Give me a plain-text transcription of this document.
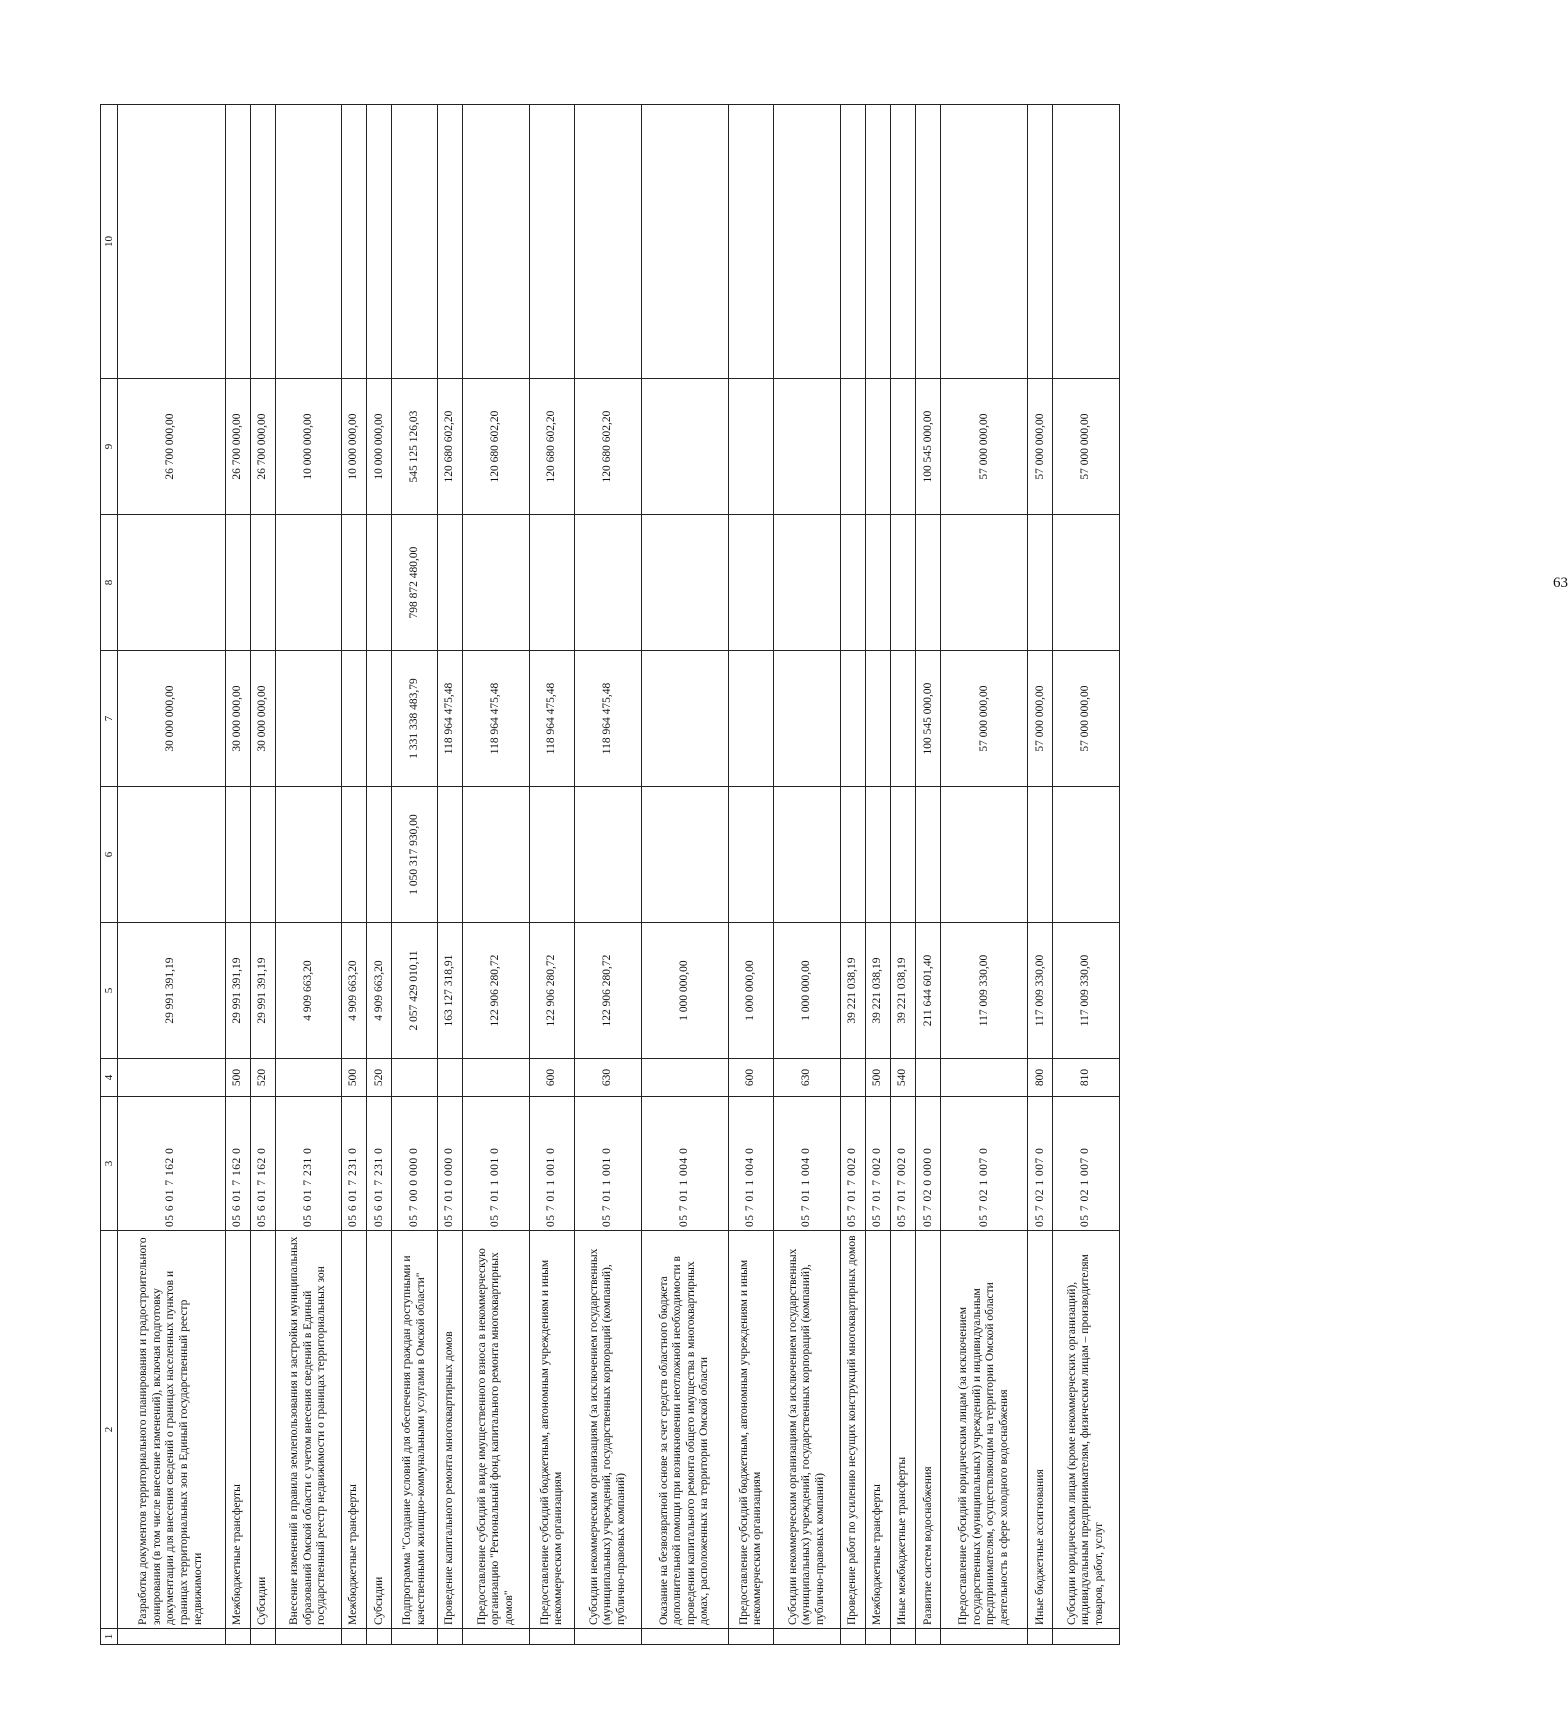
1	2	3	4	5	6	7	8	9	10
	Разработка документов территориального планирования и градостроительного зонирования (в том числе внесение изменений), включая подготовку документации для внесения сведений о границах населенных пунктов и границах территориальных зон в Единый государственный реестр недвижимости	05 6 01 7 162 0		29 991 391,19		30 000 000,00		26 700 000,00	
	Межбюджетные трансферты	05 6 01 7 162 0	500	29 991 391,19		30 000 000,00		26 700 000,00	
	Субсидии	05 6 01 7 162 0	520	29 991 391,19		30 000 000,00		26 700 000,00	
	Внесение изменений в правила землепользования и застройки муниципальных образований Омской области с учетом внесения сведений в Единый государственный реестр недвижимости о границах территориальных зон	05 6 01 7 231 0		4 909 663,20				10 000 000,00	
	Межбюджетные трансферты	05 6 01 7 231 0	500	4 909 663,20				10 000 000,00	
	Субсидии	05 6 01 7 231 0	520	4 909 663,20				10 000 000,00	
	Подпрограмма "Создание условий для обеспечения граждан доступными и качественными жилищно-коммунальными услугами в Омской области"	05 7 00 0 000 0		2 057 429 010,11	1 050 317 930,00	1 331 338 483,79	798 872 480,00	545 125 126,03	
	Проведение капитального ремонта многоквартирных домов	05 7 01 0 000 0		163 127 318,91		118 964 475,48		120 680 602,20	
	Предоставление субсидий в виде имущественного взноса в некоммерческую организацию "Региональный фонд капитального ремонта многоквартирных домов"	05 7 01 1 001 0		122 906 280,72		118 964 475,48		120 680 602,20	
	Предоставление субсидий бюджетным, автономным учреждениям и иным некоммерческим организациям	05 7 01 1 001 0	600	122 906 280,72		118 964 475,48		120 680 602,20	
	Субсидии некоммерческим организациям (за исключением государственных (муниципальных) учреждений, государственных корпораций (компаний), публично-правовых компаний)	05 7 01 1 001 0	630	122 906 280,72		118 964 475,48		120 680 602,20	
	Оказание на безвозвратной основе за счет средств областного бюджета дополнительной помощи при возникновении неотложной необходимости в проведении капитального ремонта общего имущества в многоквартирных домах, расположенных на территории Омской области	05 7 01 1 004 0		1 000 000,00					
	Предоставление субсидий бюджетным, автономным учреждениям и иным некоммерческим организациям	05 7 01 1 004 0	600	1 000 000,00					
	Субсидии некоммерческим организациям (за исключением государственных (муниципальных) учреждений, государственных корпораций (компаний), публично-правовых компаний)	05 7 01 1 004 0	630	1 000 000,00					
	Проведение работ по усилению несущих конструкций многоквартирных домов	05 7 01 7 002 0		39 221 038,19					
	Межбюджетные трансферты	05 7 01 7 002 0	500	39 221 038,19					
	Иные межбюджетные трансферты	05 7 01 7 002 0	540	39 221 038,19					
	Развитие систем водоснабжения	05 7 02 0 000 0		211 644 601,40		100 545 000,00		100 545 000,00	
	Предоставление субсидий юридическим лицам (за исключением государственных (муниципальных) учреждений) и индивидуальным предпринимателям, осуществляющим на территории Омской области деятельность в сфере холодного водоснабжения	05 7 02 1 007 0		117 009 330,00		57 000 000,00		57 000 000,00	
	Иные бюджетные ассигнования	05 7 02 1 007 0	800	117 009 330,00		57 000 000,00		57 000 000,00	
	Субсидии юридическим лицам (кроме некоммерческих организаций), индивидуальным предпринимателям, физическим лицам – производителям товаров, работ, услуг	05 7 02 1 007 0	810	117 009 330,00		57 000 000,00		57 000 000,00	
63
